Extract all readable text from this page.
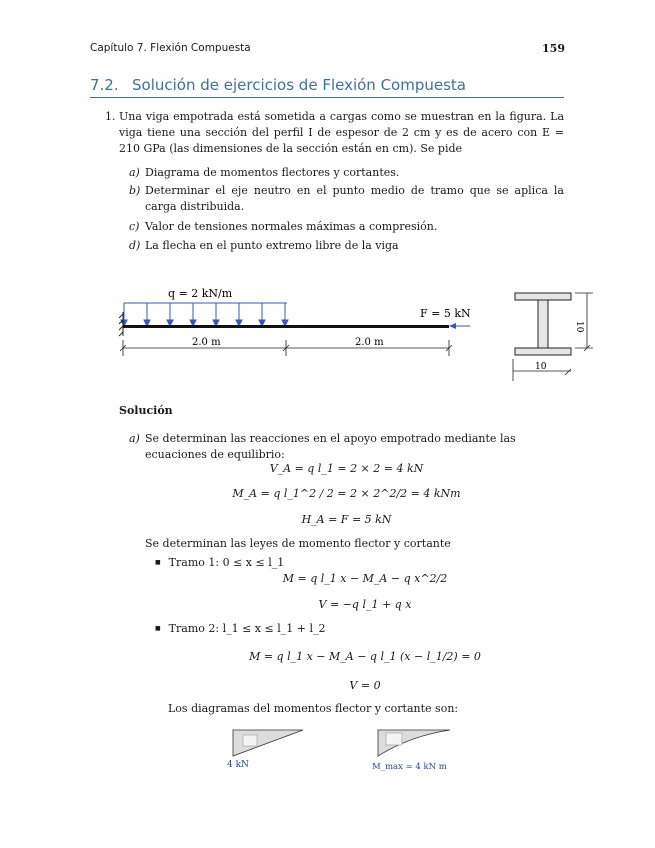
Capítulo 7. Flexión Compuesta	159
7.2. Solución de ejercicios de Flexión Compuesta
1. Una viga empotrada está sometida a cargas como se muestran en la figura. La viga tiene una sección del perfil I de espesor de 2 cm y es de acero con E = 210 GPa (las dimensiones de la sección están en cm). Se pide
a) Diagrama de momentos flectores y cortantes.
b) Determinar el eje neutro en el punto medio de tramo que se aplica la carga distribuida.
c) Valor de tensiones normales máximas a compresión.
d) La flecha en el punto extremo libre de la viga
q = 2 kN/m
F = 5 kN
2.0 m	2.0 m
10
10
Solución
a) Se determinan las reacciones en el apoyo empotrado mediante las ecuaciones de equilibrio:
V_A = q l_1 = 2 × 2 = 4 kN
M_A = q l_1^2 / 2 = 2 × 2^2/2 = 4 kNm
H_A = F = 5 kN
Se determinan las leyes de momento flector y cortante
■ Tramo 1: 0 ≤ x ≤ l_1
M = q l_1 x − M_A − q x^2/2
V = −q l_1 + q x
■ Tramo 2: l_1 ≤ x ≤ l_1 + l_2
M = q l_1 x − M_A − q l_1 (x − l_1/2) = 0
V = 0
Los diagramas del momentos flector y cortante son:
4 kN	M_max = 4 kN m
